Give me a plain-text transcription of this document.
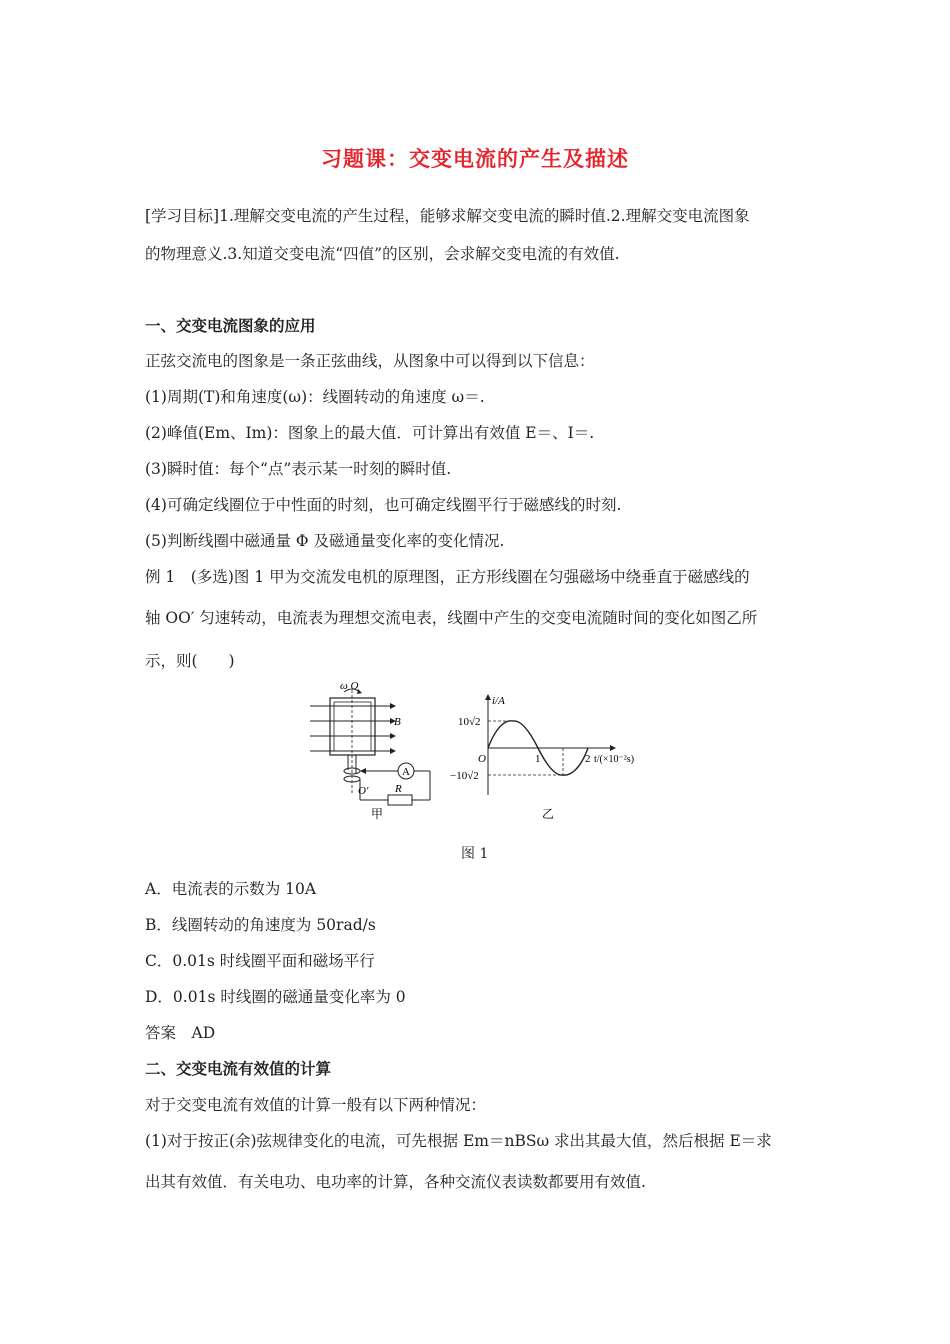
习题课：交变电流的产生及描述
[学习目标]1.理解交变电流的产生过程，能够求解交变电流的瞬时值.2.理解交变电流图象
的物理意义.3.知道交变电流“四值”的区别，会求解交变电流的有效值.
一、交变电流图象的应用
正弦交流电的图象是一条正弦曲线，从图象中可以得到以下信息：
(1)周期(T)和角速度(ω)：线圈转动的角速度 ω＝.
(2)峰值(Em、Im)：图象上的最大值．可计算出有效值 E＝、I＝.
(3)瞬时值：每个“点”表示某一时刻的瞬时值.
(4)可确定线圈位于中性面的时刻，也可确定线圈平行于磁感线的时刻.
(5)判断线圈中磁通量 Φ 及磁通量变化率的变化情况.
例 1　(多选)图 1 甲为交流发电机的原理图，正方形线圈在匀强磁场中绕垂直于磁感线的
轴 OO′ 匀速转动，电流表为理想交流电表，线圈中产生的交变电流随时间的变化如图乙所
示，则(　　)
A
ω O
B
O′ R
甲
i/A
10√2
−10√2
O	1	2 t/(×10⁻²s)
乙
图 1
A．电流表的示数为 10A
B．线圈转动的角速度为 50rad/s
C．0.01s 时线圈平面和磁场平行
D．0.01s 时线圈的磁通量变化率为 0
答案　AD
二、交变电流有效值的计算
对于交变电流有效值的计算一般有以下两种情况：
(1)对于按正(余)弦规律变化的电流，可先根据 Em＝nBSω 求出其最大值，然后根据 E＝求
出其有效值．有关电功、电功率的计算，各种交流仪表读数都要用有效值.
